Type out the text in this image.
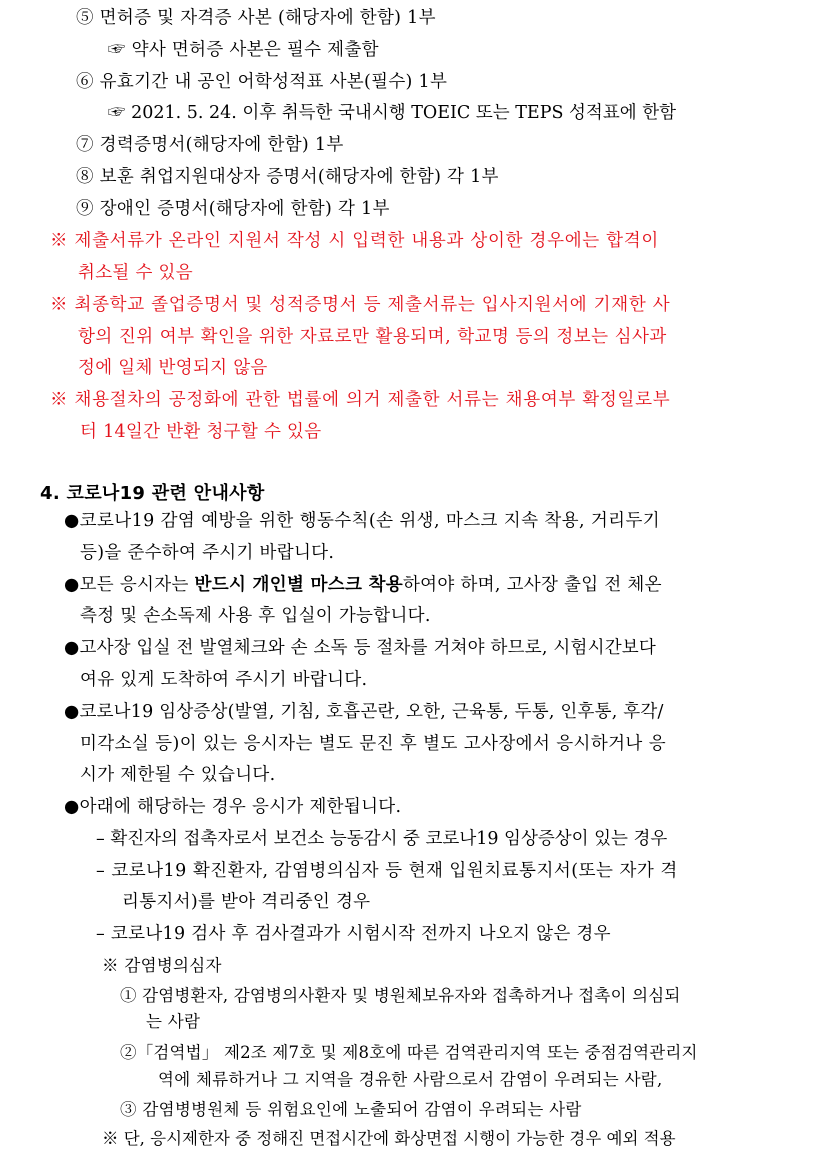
⑤ 면허증 및 자격증 사본 (해당자에 한함) 1부
☞ 약사 면허증 사본은 필수 제출함
⑥ 유효기간 내 공인 어학성적표 사본(필수) 1부
☞ 2021. 5. 24. 이후 취득한 국내시행 TOEIC 또는 TEPS 성적표에 한함
⑦ 경력증명서(해당자에 한함) 1부
⑧ 보훈 취업지원대상자 증명서(해당자에 한함) 각 1부
⑨ 장애인 증명서(해당자에 한함) 각 1부
※ 제출서류가 온라인 지원서 작성 시 입력한 내용과 상이한 경우에는 합격이
취소될 수 있음
※ 최종학교 졸업증명서 및 성적증명서 등 제출서류는 입사지원서에 기재한 사
항의 진위 여부 확인을 위한 자료로만 활용되며, 학교명 등의 정보는 심사과
정에 일체 반영되지 않음
※ 채용절차의 공정화에 관한 법률에 의거 제출한 서류는 채용여부 확정일로부
터 14일간 반환 청구할 수 있음
4. 코로나19 관련 안내사항
●코로나19 감염 예방을 위한 행동수칙(손 위생, 마스크 지속 착용, 거리두기
등)을 준수하여 주시기 바랍니다.
●모든 응시자는 반드시 개인별 마스크 착용하여야 하며, 고사장 출입 전 체온
측정 및 손소독제 사용 후 입실이 가능합니다.
●고사장 입실 전 발열체크와 손 소독 등 절차를 거쳐야 하므로, 시험시간보다
여유 있게 도착하여 주시기 바랍니다.
●코로나19 임상증상(발열, 기침, 호흡곤란, 오한, 근육통, 두통, 인후통, 후각/
미각소실 등)이 있는 응시자는 별도 문진 후 별도 고사장에서 응시하거나 응
시가 제한될 수 있습니다.
●아래에 해당하는 경우 응시가 제한됩니다.
– 확진자의 접촉자로서 보건소 능동감시 중 코로나19 임상증상이 있는 경우
– 코로나19 확진환자, 감염병의심자 등 현재 입원치료통지서(또는 자가 격
리통지서)를 받아 격리중인 경우
– 코로나19 검사 후 검사결과가 시험시작 전까지 나오지 않은 경우
※ 감염병의심자
① 감염병환자, 감염병의사환자 및 병원체보유자와 접촉하거나 접촉이 의심되
는 사람
②「검역법」 제2조 제7호 및 제8호에 따른 검역관리지역 또는 중점검역관리지
역에 체류하거나 그 지역을 경유한 사람으로서 감염이 우려되는 사람,
③ 감염병병원체 등 위험요인에 노출되어 감염이 우려되는 사람
※ 단, 응시제한자 중 정해진 면접시간에 화상면접 시행이 가능한 경우 예외 적용
